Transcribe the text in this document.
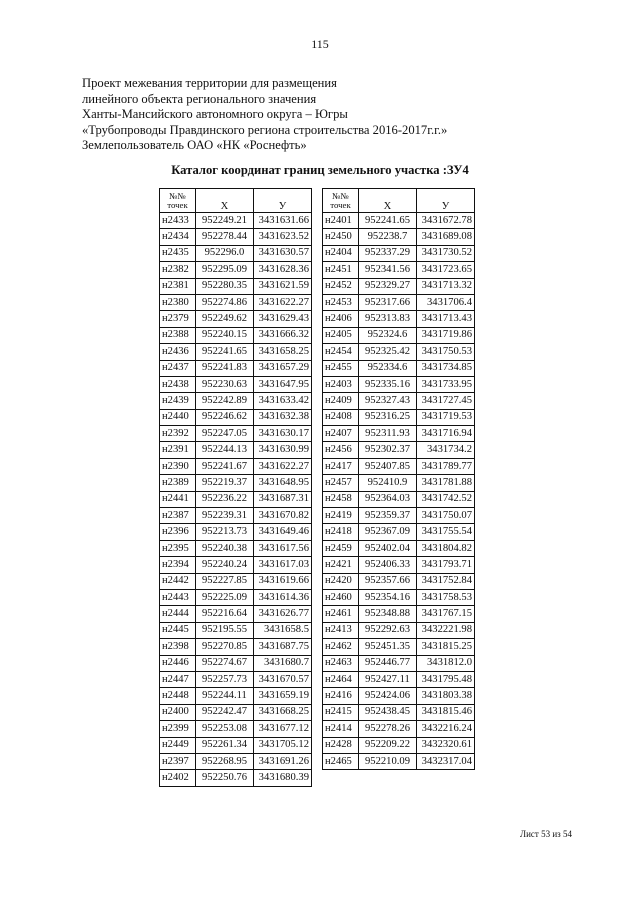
115
Проект межевания территории для размещения
линейного объекта регионального значения
Ханты-Мансийского автономного округа – Югры
«Трубопроводы Правдинского региона строительства 2016-2017г.г.»
Землепользователь ОАО «НК «Роснефть»
Каталог координат границ земельного участка :ЗУ4
№№
точек	Х	У
н2433	952249.21	3431631.66
н2434	952278.44	3431623.52
н2435	952296.0	3431630.57
н2382	952295.09	3431628.36
н2381	952280.35	3431621.59
н2380	952274.86	3431622.27
н2379	952249.62	3431629.43
н2388	952240.15	3431666.32
н2436	952241.65	3431658.25
н2437	952241.83	3431657.29
н2438	952230.63	3431647.95
н2439	952242.89	3431633.42
н2440	952246.62	3431632.38
н2392	952247.05	3431630.17
н2391	952244.13	3431630.99
н2390	952241.67	3431622.27
н2389	952219.37	3431648.95
н2441	952236.22	3431687.31
н2387	952239.31	3431670.82
н2396	952213.73	3431649.46
н2395	952240.38	3431617.56
н2394	952240.24	3431617.03
н2442	952227.85	3431619.66
н2443	952225.09	3431614.36
н2444	952216.64	3431626.77
н2445	952195.55	3431658.5
н2398	952270.85	3431687.75
н2446	952274.67	3431680.7
н2447	952257.73	3431670.57
н2448	952244.11	3431659.19
н2400	952242.47	3431668.25
н2399	952253.08	3431677.12
н2449	952261.34	3431705.12
н2397	952268.95	3431691.26
н2402	952250.76	3431680.39
№№
точек	Х	У
н2401	952241.65	3431672.78
н2450	952238.7	3431689.08
н2404	952337.29	3431730.52
н2451	952341.56	3431723.65
н2452	952329.27	3431713.32
н2453	952317.66	3431706.4
н2406	952313.83	3431713.43
н2405	952324.6	3431719.86
н2454	952325.42	3431750.53
н2455	952334.6	3431734.85
н2403	952335.16	3431733.95
н2409	952327.43	3431727.45
н2408	952316.25	3431719.53
н2407	952311.93	3431716.94
н2456	952302.37	3431734.2
н2417	952407.85	3431789.77
н2457	952410.9	3431781.88
н2458	952364.03	3431742.52
н2419	952359.37	3431750.07
н2418	952367.09	3431755.54
н2459	952402.04	3431804.82
н2421	952406.33	3431793.71
н2420	952357.66	3431752.84
н2460	952354.16	3431758.53
н2461	952348.88	3431767.15
н2413	952292.63	3432221.98
н2462	952451.35	3431815.25
н2463	952446.77	3431812.0
н2464	952427.11	3431795.48
н2416	952424.06	3431803.38
н2415	952438.45	3431815.46
н2414	952278.26	3432216.24
н2428	952209.22	3432320.61
н2465	952210.09	3432317.04
Лист 53 из 54
